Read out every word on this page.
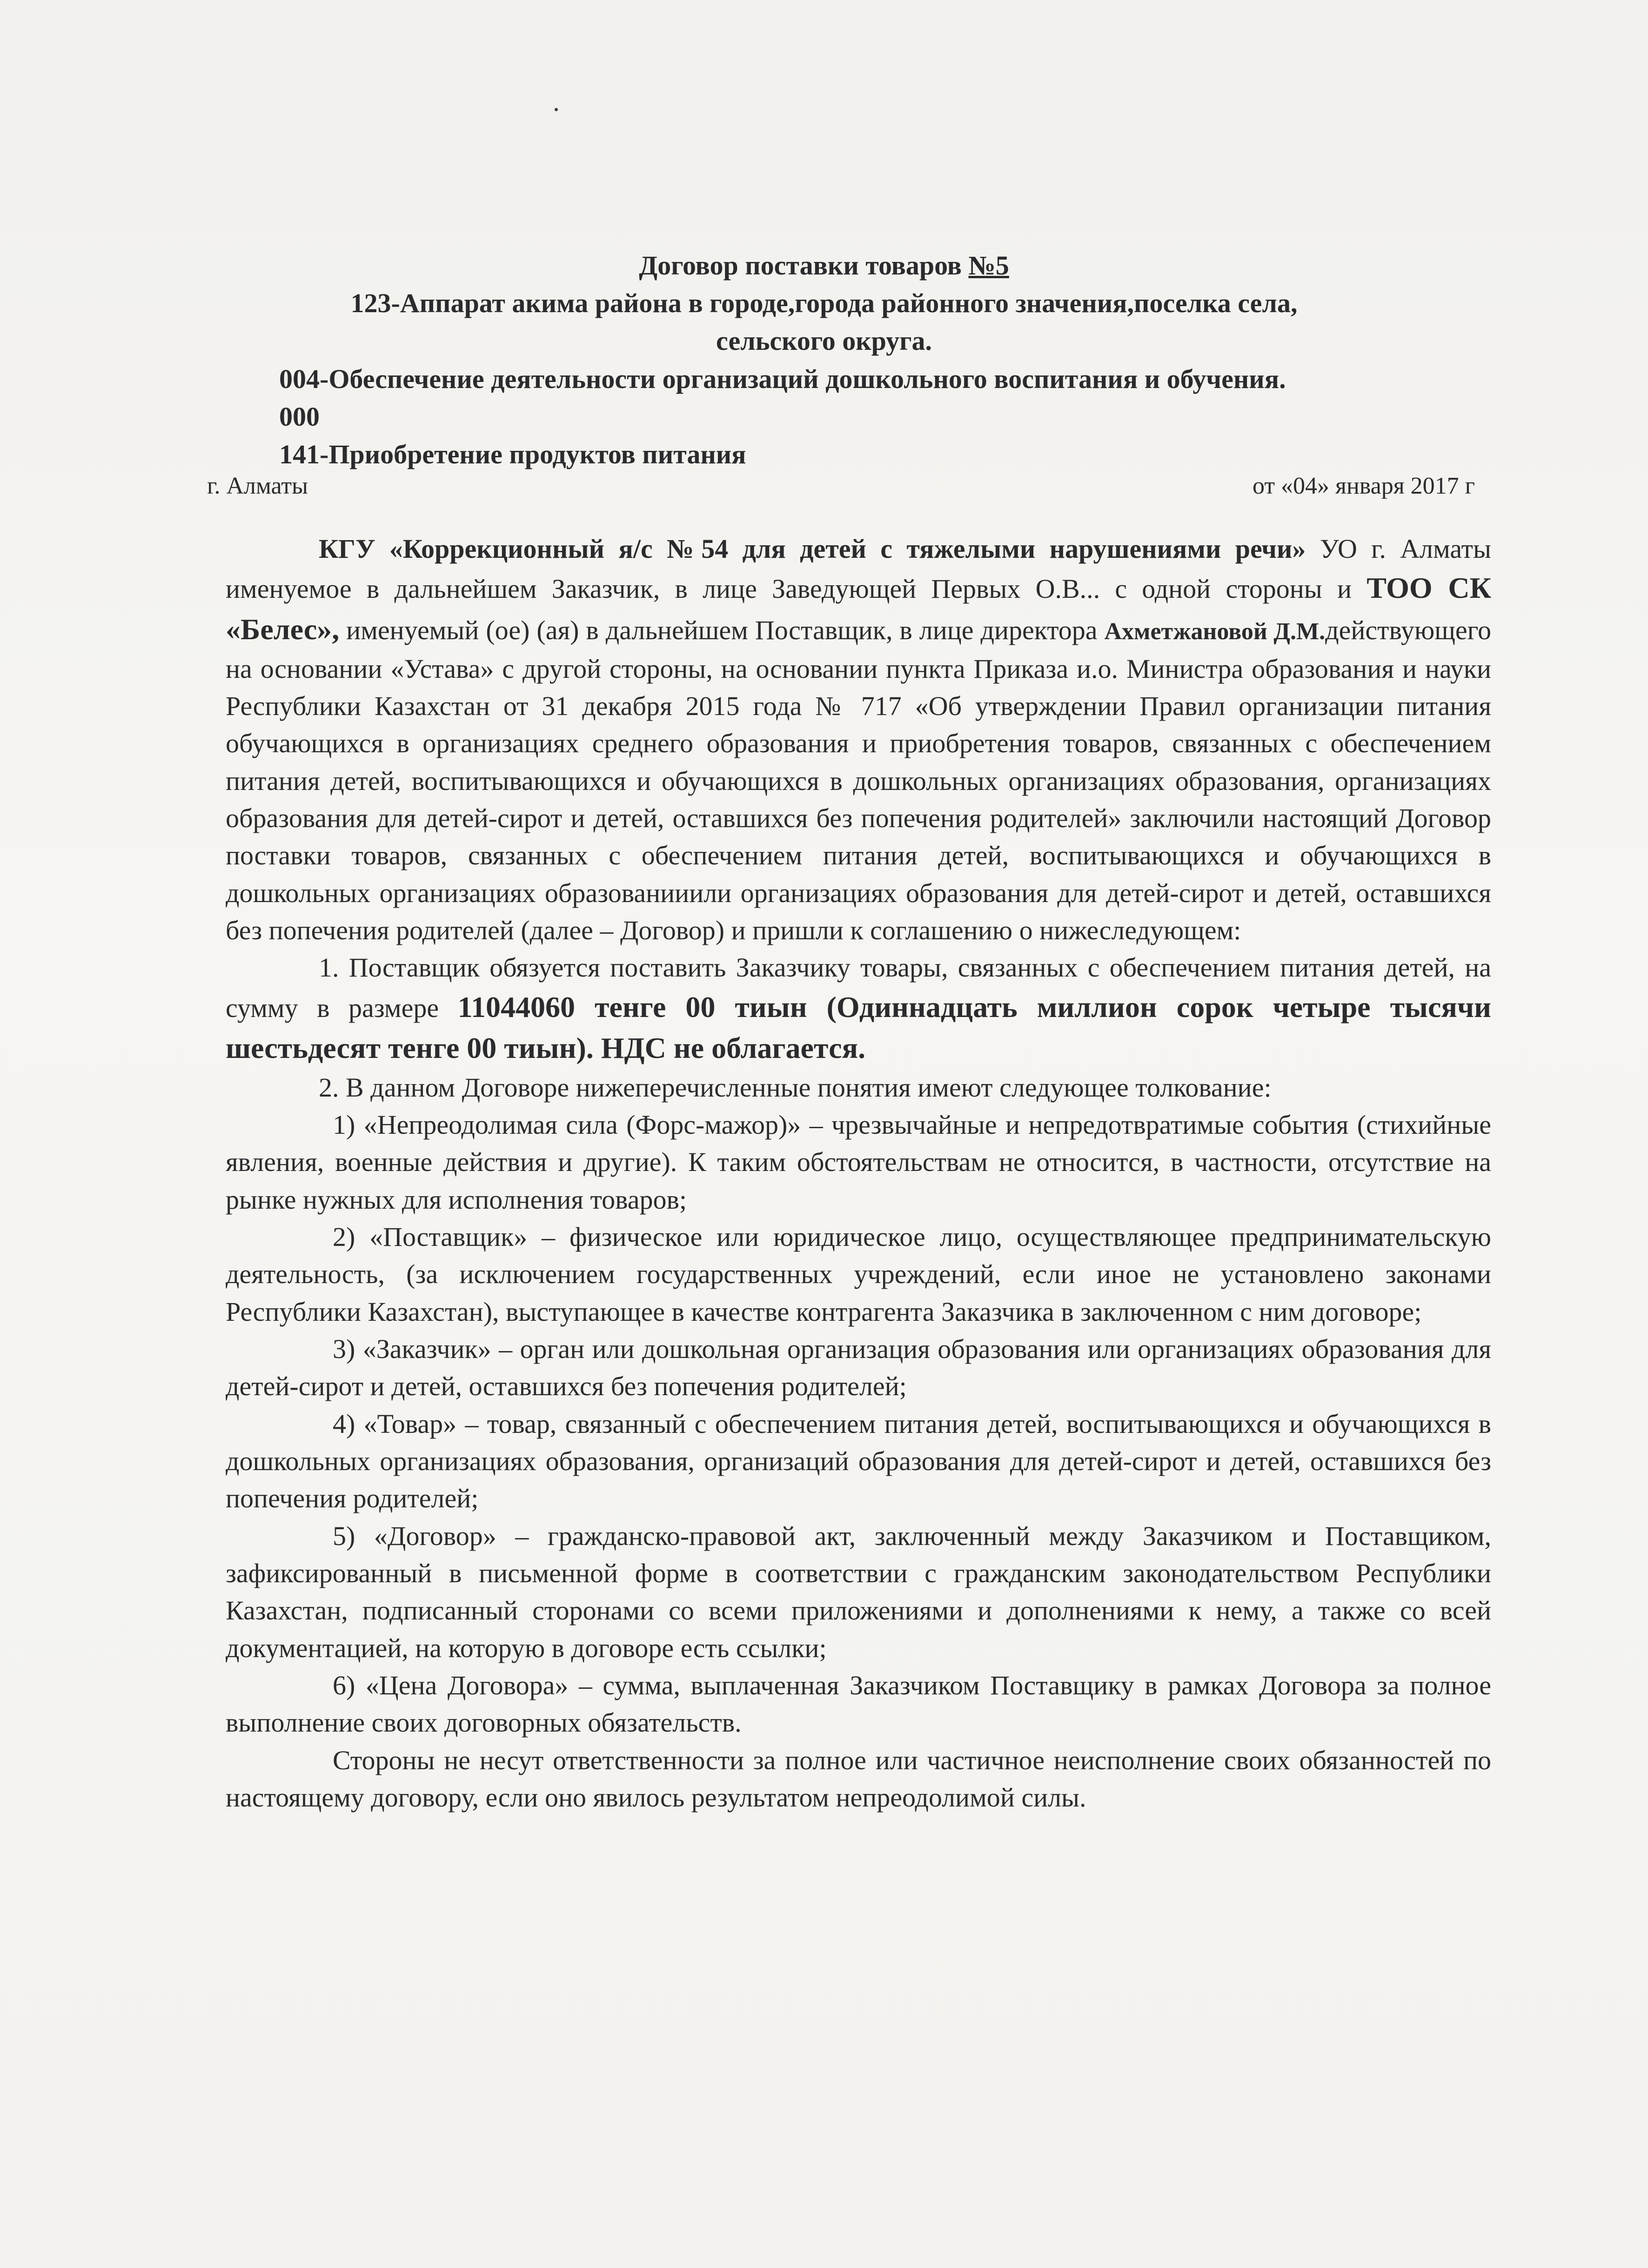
Договор поставки товаров №5
123-Аппарат акима района в городе,города районного значения,поселка села,
сельского округа.
004-Обеспечение деятельности организаций дошкольного воспитания и обучения.
000
141-Приобретение продуктов питания
г. Алматы	от «04» января 2017 г

КГУ «Коррекционный я/с №54 для детей с тяжелыми нарушениями речи» УО г. Алматы именуемое в дальнейшем Заказчик, в лице Заведующей Первых О.В... с одной стороны и ТОО СК «Белес», именуемый (ое) (ая) в дальнейшем Поставщик, в лице директора Ахметжановой Д.М.действующего на основании «Устава» с другой стороны, на основании пункта Приказа и.о. Министра образования и науки Республики Казахстан от 31 декабря 2015 года № 717 «Об утверждении Правил организации питания обучающихся в организациях среднего образования и приобретения товаров, связанных с обеспечением питания детей, воспитывающихся и обучающихся в дошкольных организациях образования, организациях образования для детей-сирот и детей, оставшихся без попечения родителей» заключили настоящий Договор поставки товаров, связанных с обеспечением питания детей, воспитывающихся и обучающихся в дошкольных организациях образованииили организациях образования для детей-сирот и детей, оставшихся без попечения родителей (далее – Договор) и пришли к соглашению о нижеследующем:

1. Поставщик обязуется поставить Заказчику товары, связанных с обеспечением питания детей, на сумму в размере 11044060 тенге 00 тиын (Одиннадцать миллион сорок четыре тысячи шестьдесят тенге 00 тиын). НДС не облагается.

2. В данном Договоре нижеперечисленные понятия имеют следующее толкование:

1) «Непреодолимая сила (Форс-мажор)» – чрезвычайные и непредотвратимые события (стихийные явления, военные действия и другие). К таким обстоятельствам не относится, в частности, отсутствие на рынке нужных для исполнения товаров;

2) «Поставщик» – физическое или юридическое лицо, осуществляющее предпринимательскую деятельность, (за исключением государственных учреждений, если иное не установлено законами Республики Казахстан), выступающее в качестве контрагента Заказчика в заключенном с ним договоре;

3) «Заказчик» – орган или дошкольная организация образования или организациях образования для детей-сирот и детей, оставшихся без попечения родителей;

4) «Товар» – товар, связанный с обеспечением питания детей, воспитывающихся и обучающихся в дошкольных организациях образования, организаций образования для детей-сирот и детей, оставшихся без попечения родителей;

5) «Договор» – гражданско-правовой акт, заключенный между Заказчиком и Поставщиком, зафиксированный в письменной форме в соответствии с гражданским законодательством Республики Казахстан, подписанный сторонами со всеми приложениями и дополнениями к нему, а также со всей документацией, на которую в договоре есть ссылки;

6) «Цена Договора» – сумма, выплаченная Заказчиком Поставщику в рамках Договора за полное выполнение своих договорных обязательств.

Стороны не несут ответственности за полное или частичное неисполнение своих обязанностей по настоящему договору, если оно явилось результатом непреодолимой силы.
